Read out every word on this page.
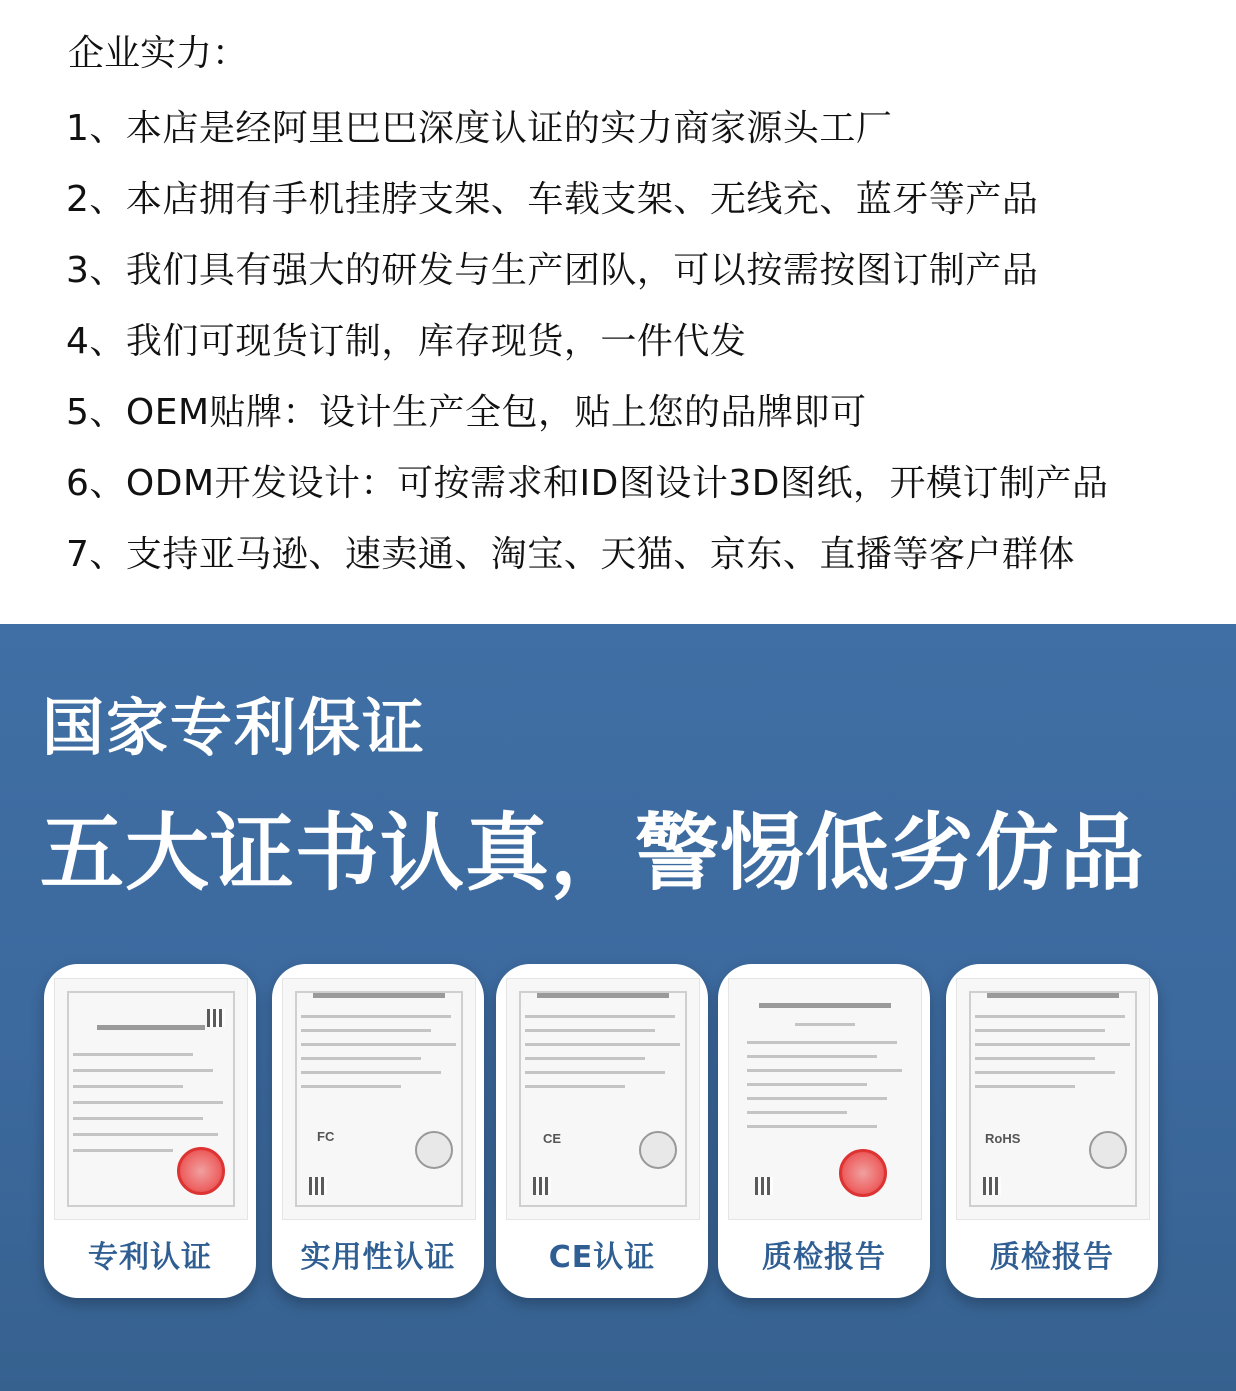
企业实力：
1、本店是经阿里巴巴深度认证的实力商家源头工厂
2、本店拥有手机挂脖支架、车载支架、无线充、蓝牙等产品
3、我们具有强大的研发与生产团队，可以按需按图订制产品
4、我们可现货订制，库存现货，一件代发
5、OEM贴牌：设计生产全包，贴上您的品牌即可
6、ODM开发设计：可按需求和ID图设计3D图纸，开模订制产品
7、支持亚马逊、速卖通、淘宝、天猫、京东、直播等客户群体
国家专利保证
五大证书认真，警惕低劣仿品
专利认证
FC
实用性认证
CE
CE认证	质检报告
RoHS
质检报告
